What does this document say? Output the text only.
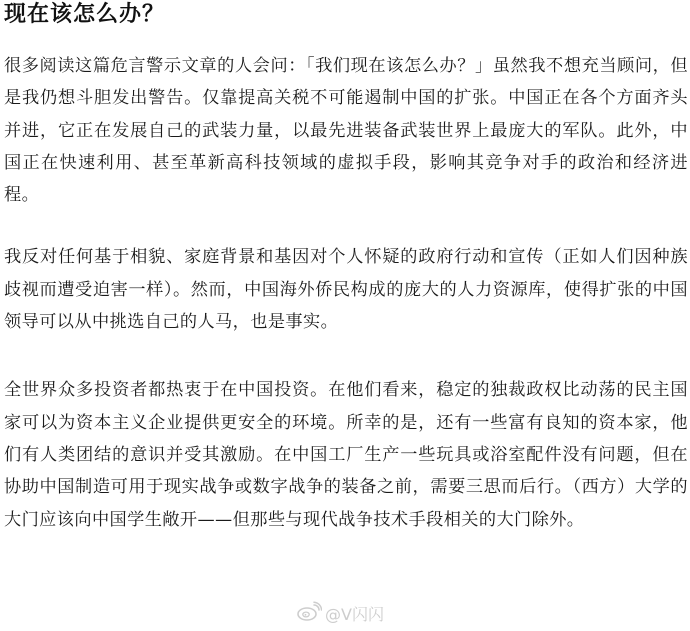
现在该怎么办？

很多阅读这篇危言警示文章的人会问：「我们现在该怎么办？」虽然我不想充当顾问，但是我仍想斗胆发出警告。仅靠提高关税不可能遏制中国的扩张。中国正在各个方面齐头并进，它正在发展自己的武装力量，以最先进装备武装世界上最庞大的军队。此外，中国正在快速利用、甚至革新高科技领域的虚拟手段，影响其竞争对手的政治和经济进程。

我反对任何基于相貌、家庭背景和基因对个人怀疑的政府行动和宣传（正如人们因种族歧视而遭受迫害一样）。然而，中国海外侨民构成的庞大的人力资源库，使得扩张的中国领导可以从中挑选自己的人马，也是事实。

全世界众多投资者都热衷于在中国投资。在他们看来，稳定的独裁政权比动荡的民主国家可以为资本主义企业提供更安全的环境。所幸的是，还有一些富有良知的资本家，他们有人类团结的意识并受其激励。在中国工厂生产一些玩具或浴室配件没有问题，但在协助中国制造可用于现实战争或数字战争的装备之前，需要三思而后行。（西方）大学的大门应该向中国学生敞开——但那些与现代战争技术手段相关的大门除外。

@V闪闪
